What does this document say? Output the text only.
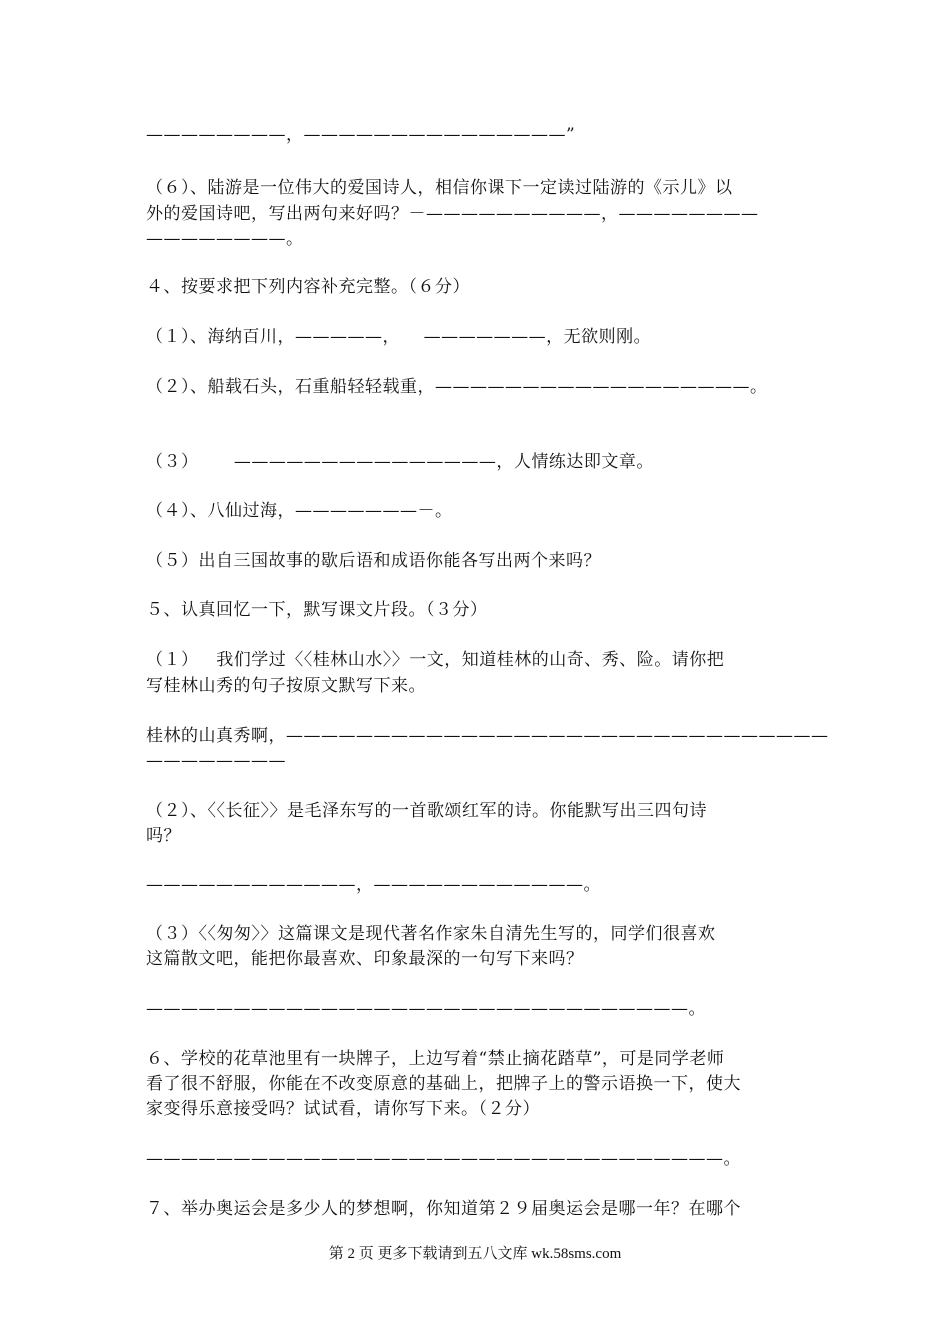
————————，———————————————”
（６）、陆游是一位伟大的爱国诗人，相信你课下一定读过陆游的《示儿》以
外的爱国诗吧，写出两句来好吗？－——————————，————————
————————。
４、按要求把下列内容补充完整。（６分）
（１）、海纳百川，—————，    ———————，无欲则刚。
（２）、船载石头，石重船轻轻载重，——————————————————。
（３）      ———————————————，人情练达即文章。
（４）、八仙过海，———————－。
（５）出自三国故事的歇后语和成语你能各写出两个来吗？
５、认真回忆一下，默写课文片段。（３分）
（１）   我们学过〈〈桂林山水〉〉一文，知道桂林的山奇、秀、险。请你把
写桂林山秀的句子按原文默写下来。
桂林的山真秀啊，———————————————————————————————
————————
（２）、〈〈长征〉〉是毛泽东写的一首歌颂红军的诗。你能默写出三四句诗
吗？
————————————，————————————。
（３）〈〈匆匆〉〉这篇课文是现代著名作家朱自清先生写的，同学们很喜欢
这篇散文吧，能把你最喜欢、印象最深的一句写下来吗？
———————————————————————————————。
６、学校的花草池里有一块牌子，上边写着“禁止摘花踏草”，可是同学老师
看了很不舒服，你能在不改变原意的基础上，把牌子上的警示语换一下，使大
家变得乐意接受吗？试试看，请你写下来。（２分）
—————————————————————————————————。
７、举办奥运会是多少人的梦想啊，你知道第２９届奥运会是哪一年？在哪个
第 2 页 更多下载请到五八文库 wk.58sms.com
